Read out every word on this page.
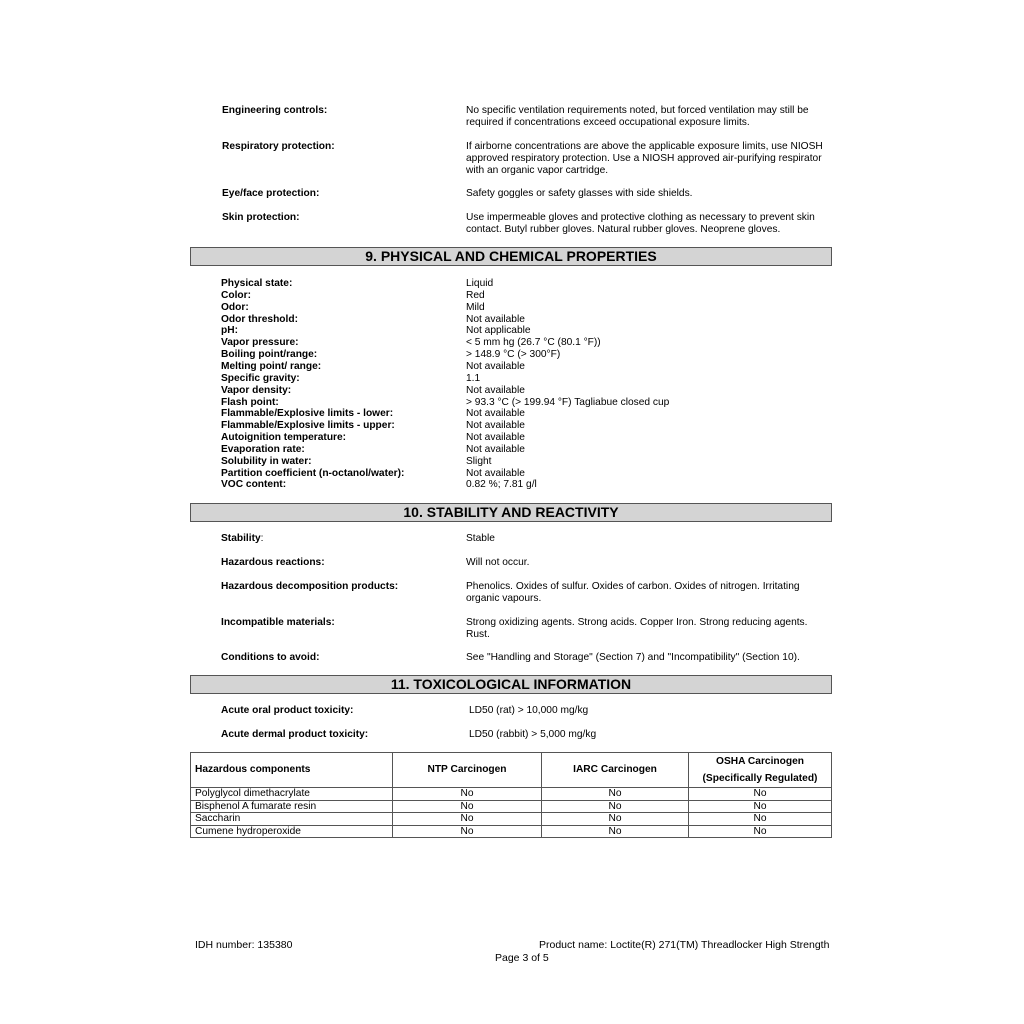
Engineering controls:	No specific ventilation requirements noted, but forced ventilation may still be required if concentrations exceed occupational exposure limits.
Respiratory protection:	If airborne concentrations are above the applicable exposure limits, use NIOSH approved respiratory protection. Use a NIOSH approved air-purifying respirator with an organic vapor cartridge.
Eye/face protection:	Safety goggles or safety glasses with side shields.
Skin protection:	Use impermeable gloves and protective clothing as necessary to prevent skin contact. Butyl rubber gloves. Natural rubber gloves. Neoprene gloves.
9. PHYSICAL AND CHEMICAL PROPERTIES
Physical state:	Liquid
Color:	Red
Odor:	Mild
Odor threshold:	Not available
pH:	Not applicable
Vapor pressure:	< 5 mm hg (26.7 °C (80.1 °F))
Boiling point/range:	> 148.9 °C (> 300°F)
Melting point/ range:	Not available
Specific gravity:	1.1
Vapor density:	Not available
Flash point:	> 93.3 °C (> 199.94 °F) Tagliabue closed cup
Flammable/Explosive limits - lower:	Not available
Flammable/Explosive limits - upper:	Not available
Autoignition temperature:	Not available
Evaporation rate:	Not available
Solubility in water:	Slight
Partition coefficient (n-octanol/water):	Not available
VOC content:	0.82 %; 7.81 g/l
10. STABILITY AND REACTIVITY
Stability:	Stable
Hazardous reactions:	Will not occur.
Hazardous decomposition products:	Phenolics. Oxides of sulfur. Oxides of carbon. Oxides of nitrogen. Irritating organic vapours.
Incompatible materials:	Strong oxidizing agents. Strong acids. Copper Iron. Strong reducing agents. Rust.
Conditions to avoid:	See "Handling and Storage" (Section 7) and "Incompatibility" (Section 10).
11. TOXICOLOGICAL INFORMATION
Acute oral product toxicity:	LD50 (rat) > 10,000 mg/kg
Acute dermal product toxicity:	LD50 (rabbit) > 5,000 mg/kg
Hazardous components	NTP Carcinogen	IARC Carcinogen	OSHA Carcinogen
(Specifically Regulated)

Polyglycol dimethacrylate	No	No	No
Bisphenol A fumarate resin	No	No	No
Saccharin	No	No	No
Cumene hydroperoxide	No	No	No
IDH number: 135380	Product name: Loctite(R) 271(TM) Threadlocker High Strength
Page 3 of 5
